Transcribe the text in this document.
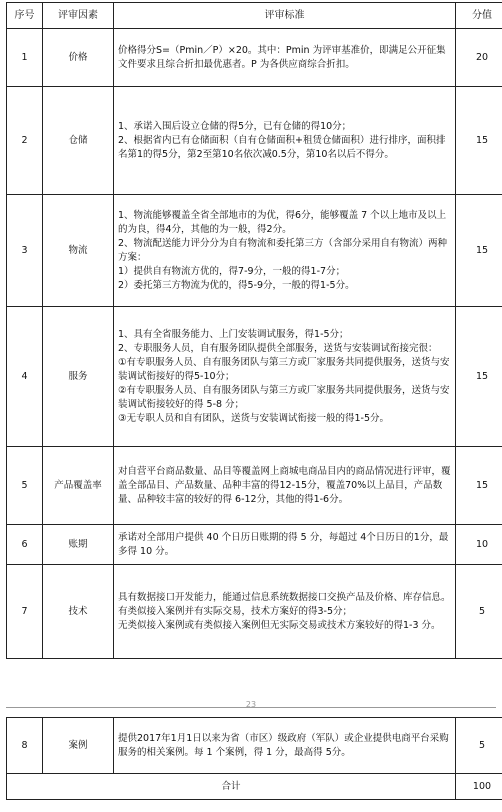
序号	评审因素	评审标准	分值
1	价格	价格得分S=（Pmin／P）×20。其中：Pmin 为评审基准价，即满足公开征集文件要求且综合折扣最优惠者。P 为各供应商综合折扣。	20
2	仓储	1、承诺入围后设立仓储的得5分，已有仓储的得10分；
2、根据省内已有仓储面积（自有仓储面积+租赁仓储面积）进行排序，面积排名第1的得5分，第2至第10名依次减0.5分，第10名以后不得分。	15
3	物流	1、物流能够覆盖全省全部地市的为优，得6分，能够覆盖 7 个以上地市及以上的为良，得4分，其他的为一般，得2分。
2、物流配送能力评分分为自有物流和委托第三方（含部分采用自有物流）两种方案：
1）提供自有物流方优的，得7-9分，一般的得1-7分；
2）委托第三方物流为优的，得5-9分，一般的得1-5分。	15
4	服务	1、具有全省服务能力、上门安装调试服务，得1-5分；
2、专职服务人员，自有服务团队提供全部服务，送货与安装调试衔接完很：
①有专职服务人员、自有服务团队与第三方或厂家服务共同提供服务，送货与安装调试衔接好的得5-10分；
②有专职服务人员、自有服务团队与第三方或厂家服务共同提供服务，送货与安装调试衔接较好的得 5-8 分；
③无专职人员和自有团队，送货与安装调试衔接一般的得1-5分。	15
5	产品覆盖率	对自营平台商品数量、品目等覆盖网上商城电商品目内的商品情况进行评审，覆盖全部品目、产品数量、品种丰富的得12-15分，覆盖70%以上品目，产品数量、品种较丰富的较好的得 6-12分，其他的得1-6分。	15
6	账期	承诺对全部用户提供 40 个日历日账期的得 5 分，每超过 4个日历日的1分，最多得 10 分。	10
7	技术	具有数据接口开发能力，能通过信息系统数据接口交换产品及价格、库存信息。
有类似接入案例并有实际交易，技术方案好的得3-5分；
无类似接入案例或有类似接入案例但无实际交易或技术方案较好的得1-3 分。	5
23
8	案例	提供2017年1月1日以来为省（市区）级政府（军队）或企业提供电商平台采购服务的相关案例。每 1 个案例，得 1 分，最高得 5分。	5
合计			100
